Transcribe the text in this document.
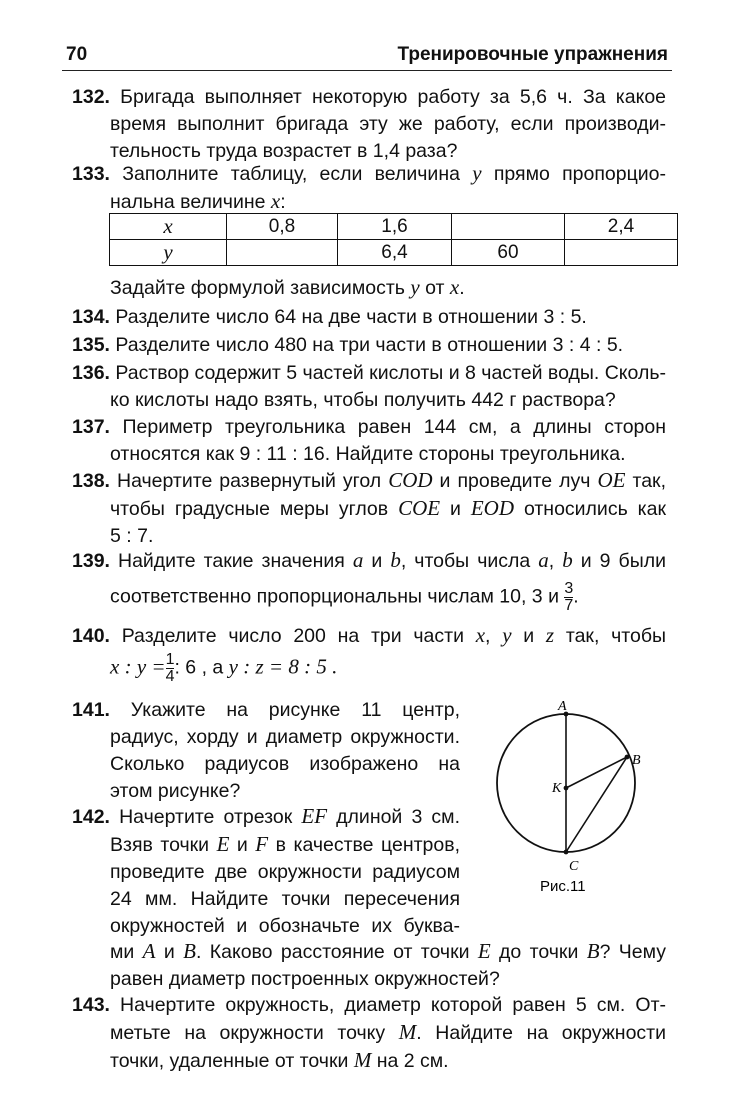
70	Тренировочные упражнения
132. Бригада выполняет некоторую работу за 5,6 ч. За какое
время выполнит бригада эту же работу, если производи-
тельность труда возрастет в 1,4 раза?
133. Заполните таблицу, если величина y прямо пропорцио-
нальна величине x:
x	0,8	1,6		2,4
y		6,4	60	
Задайте формулой зависимость y от x.
134. Разделите число 64 на две части в отношении 3 : 5.
135. Разделите число 480 на три части в отношении 3 : 4 : 5.
136. Раствор содержит 5 частей кислоты и 8 частей воды. Сколь-
ко кислоты надо взять, чтобы получить 442 г раствора?
137. Периметр треугольника равен 144 см, а длины сторон
относятся как 9 : 11 : 16. Найдите стороны треугольника.
138. Начертите развернутый угол COD и проведите луч OE так,
чтобы градусные меры углов COE и EOD относились как
5 : 7.
139. Найдите такие значения a и b, чтобы числа a, b и 9 были
соответственно пропорциональны числам 10, 3 и $\frac{3}{7}$ .
140. Разделите число 200 на три части x, y и z так, чтобы
x : $y = \frac{1}{4}$ : 6 , а y : z = 8 : 5 .
141. Укажите на рисунке 11 центр,
радиус, хорду и диаметр окружности.
Сколько радиусов изображено на
этом рисунке?
142. Начертите отрезок EF длиной 3 см.
Взяв точки E и F в качестве центров,
проведите две окружности радиусом
24 мм. Найдите точки пересечения
окружностей и обозначьте их буква-
ми A и B. Каково расстояние от точки E до точки B? Чему
равен диаметр построенных окружностей?
143. Начертите окружность, диаметр которой равен 5 см. От-
метьте на окружности точку M. Найдите на окружности
точки, удаленные от точки M на 2 см.
A
B
K
C
Рис.11
